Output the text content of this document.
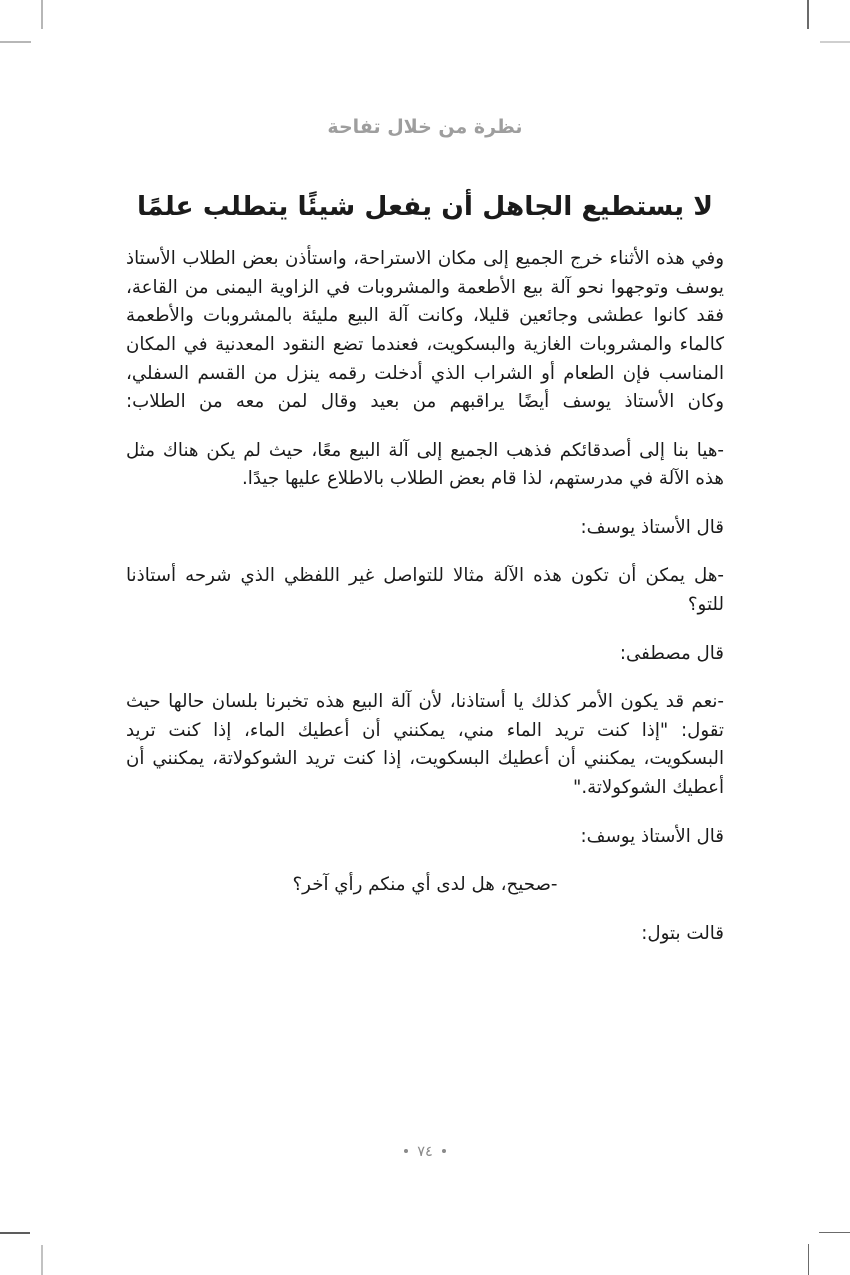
نظرة من خلال تفاحة
لا يستطيع الجاهل أن يفعل شيئًا يتطلب علمًا

وفي هذه الأثناء خرج الجميع إلى مكان الاستراحة، واستأذن بعض الطلاب الأستاذ يوسف وتوجهوا نحو آلة بيع الأطعمة والمشروبات في الزاوية اليمنى من القاعة، فقد كانوا عطشى وجائعين قليلا، وكانت آلة البيع مليئة بالمشروبات والأطعمة كالماء والمشروبات الغازية والبسكويت، فعندما تضع النقود المعدنية في المكان المناسب فإن الطعام أو الشراب الذي أدخلت رقمه ينزل من القسم السفلي، وكان الأستاذ يوسف أيضًا يراقبهم من بعيد وقال لمن معه من الطلاب:

-هيا بنا إلى أصدقائكم فذهب الجميع إلى آلة البيع معًا، حيث لم يكن هناك مثل هذه الآلة في مدرستهم، لذا قام بعض الطلاب بالاطلاع عليها جيدًا.

قال الأستاذ يوسف:

-هل يمكن أن تكون هذه الآلة مثالا للتواصل غير اللفظي الذي شرحه أستاذنا للتو؟

قال مصطفى:

-نعم قد يكون الأمر كذلك يا أستاذنا، لأن آلة البيع هذه تخبرنا بلسان حالها حيث تقول: "إذا كنت تريد الماء مني، يمكنني أن أعطيك الماء، إذا كنت تريد البسكويت، يمكنني أن أعطيك البسكويت، إذا كنت تريد الشوكولاتة، يمكنني أن أعطيك الشوكولاتة."

قال الأستاذ يوسف:

-صحيح، هل لدى أي منكم رأي آخر؟

قالت بتول:

٧٤
